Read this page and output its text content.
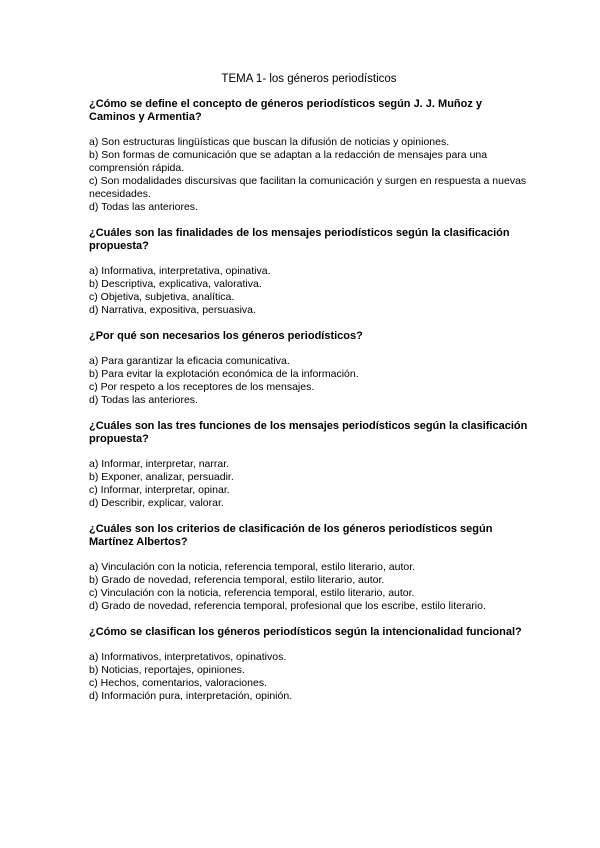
TEMA 1- los géneros periodísticos
¿Cómo se define el concepto de géneros periodísticos según J. J. Muñoz y Caminos y Armentia?
a) Son estructuras lingüísticas que buscan la difusión de noticias y opiniones.
b) Son formas de comunicación que se adaptan a la redacción de mensajes para una comprensión rápida.
c) Son modalidades discursivas que facilitan la comunicación y surgen en respuesta a nuevas necesidades.
d) Todas las anteriores.
¿Cuáles son las finalidades de los mensajes periodísticos según la clasificación propuesta?
a) Informativa, interpretativa, opinativa.
b) Descriptiva, explicativa, valorativa.
c) Objetiva, subjetiva, analítica.
d) Narrativa, expositiva, persuasiva.
¿Por qué son necesarios los géneros periodísticos?
a) Para garantizar la eficacia comunicativa.
b) Para evitar la explotación económica de la información.
c) Por respeto a los receptores de los mensajes.
d) Todas las anteriores.
¿Cuáles son las tres funciones de los mensajes periodísticos según la clasificación propuesta?
a) Informar, interpretar, narrar.
b) Exponer, analizar, persuadir.
c) Informar, interpretar, opinar.
d) Describir, explicar, valorar.
¿Cuáles son los criterios de clasificación de los géneros periodísticos según Martínez Albertos?
a) Vinculación con la noticia, referencia temporal, estilo literario, autor.
b) Grado de novedad, referencia temporal, estilo literario, autor.
c) Vinculación con la noticia, referencia temporal, estilo literario, autor.
d) Grado de novedad, referencia temporal, profesional que los escribe, estilo literario.
¿Cómo se clasifican los géneros periodísticos según la intencionalidad funcional?
a) Informativos, interpretativos, opinativos.
b) Noticias, reportajes, opiniones.
c) Hechos, comentarios, valoraciones.
d) Información pura, interpretación, opinión.
